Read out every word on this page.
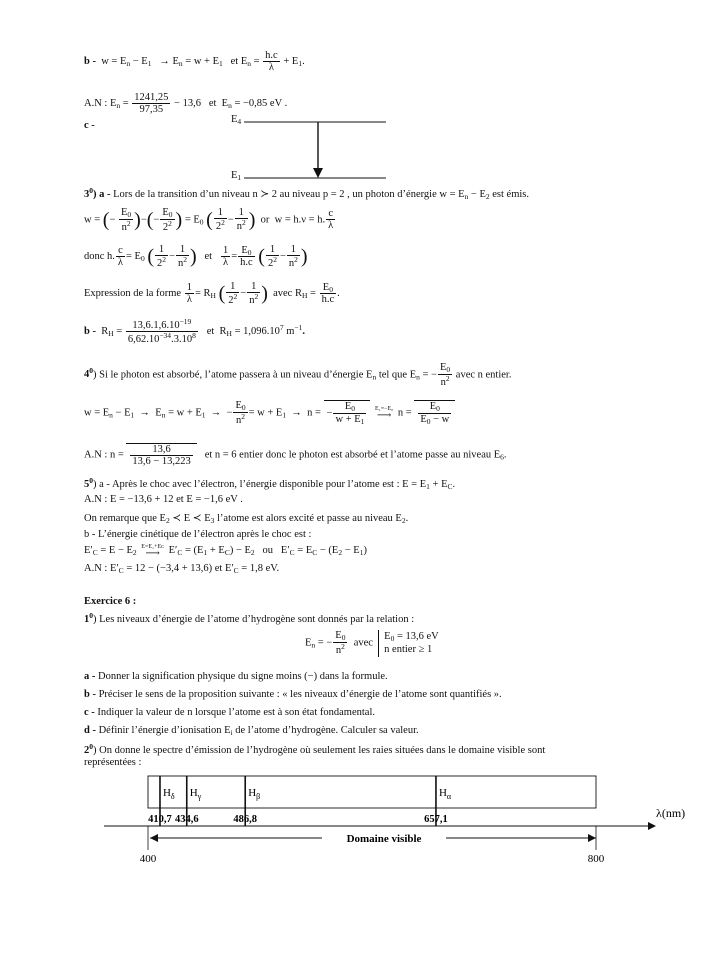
$b - w = E_n - E_1 \to E_n = w + E_1$ et $E_n = \frac{h.c}{\lambda} + E_1$.
A.N : $E_n = \frac{1241,25}{97,35} - 13,6$ et  $E_n = -0,85$ eV .
c -
$E_4$
$E_1$
$3^0$) a - Lors de la transition d’un niveau n ≻ 2 au niveau p = 2 , un photon d’énergie $w = E_n - E_2$ est émis.
w = (− $\frac{E_0}{n^2}$ )−(− $\frac{E_0}{2^2}$ ) = $E_0$ ( $\frac{1}{2^2} - \frac{1}{n^2}$ ) or w = h.ν = h. $\frac{c}{\lambda}$
donc h. $\frac{c}{\lambda} = E_0$ ( $\frac{1}{2^2} - \frac{1}{n^2}$ ) et $\frac{1}{\lambda} = \frac{E_0}{h.c}$ ( $\frac{1}{2^2} - \frac{1}{n^2}$ )
Expression de la forme $\frac{1}{\lambda} = R_H$ ( $\frac{1}{2^2} - \frac{1}{n^2}$ ) avec $R_H = \frac{E_0}{h.c}$ .
$b - R_H = \frac{13,6.1,6.10^{-19}}{6,62.10^{-34}.3.10^8}$ et  $R_H = 1,096.10^7$ $m^{-1}$.
$4^0$) Si le photon est absorbé, l’atome passera à un niveau d’énergie $E_n$ tel que $E_n$ = − $\frac{E_0}{n^2}$ avec n entier.
$w = E_n - E_1 \to E_n = w + E_1$  →  − $\frac{E_0}{n^2} = w + E_1 \to n$ = − $\frac{E_0}{w + E_1}$
E₁=−E₀
⟶ $n = \frac{E_0}{E_0 - w}$
A.N : $n = \frac{13,6}{13,6 - 13,223}$ et n = 6 entier donc le photon est absorbé et l’atome passe au niveau $E_6$.
$5^0$) a - Après le choc avec l’électron, l’énergie disponible pour l’atome est : $E = E_1 + E_C$.
A.N : E = −13,6 + 12 et E = −1,6 eV .
On remarque que $E_2$ ≺ E ≺ $E_3$ l’atome est alors excité et passe au niveau $E_2$.
b - L’énergie cinétique de l’électron après le choc est :
$E'_C = E - E_2$
E=E₁+Eᴄ
⟶ $E'_C = (E_1 + E_C) - E_2$ ou   $E'_C = E_C - (E_2 - E_1)$
A.N : $E'_C = 12 - (-3,4 + 13,6)$ et $E'_C = 1,8$ eV.
Exercice 6 :
$1^0$) Les niveaux d’énergie de l’atome d’hydrogène sont donnés par la relation :
$E_n$ = − $\frac{E_0}{n^2}$ avec  $E_0 = 13,6$ eV
n entier ≥ 1
a - Donner la signification physique du signe moins (−) dans la formule.
b - Préciser le sens de la proposition suivante : « les niveaux d’énergie de l’atome sont quantifiés ».
c - Indiquer la valeur de n lorsque l’atome est à son état fondamental.
d - Définir l’énergie d’ionisation $E_i$ de l’atome d’hydrogène. Calculer sa valeur.
$2^0$) On donne le spectre d’émission de l’hydrogène où seulement les raies situées dans le domaine visible sont
représentées :
λ(nm)
$H_\delta$
410,7
$H_\gamma$
434,6
$H_\beta$
486,8
$H_\alpha$
657,1
400	800
Domaine visible
